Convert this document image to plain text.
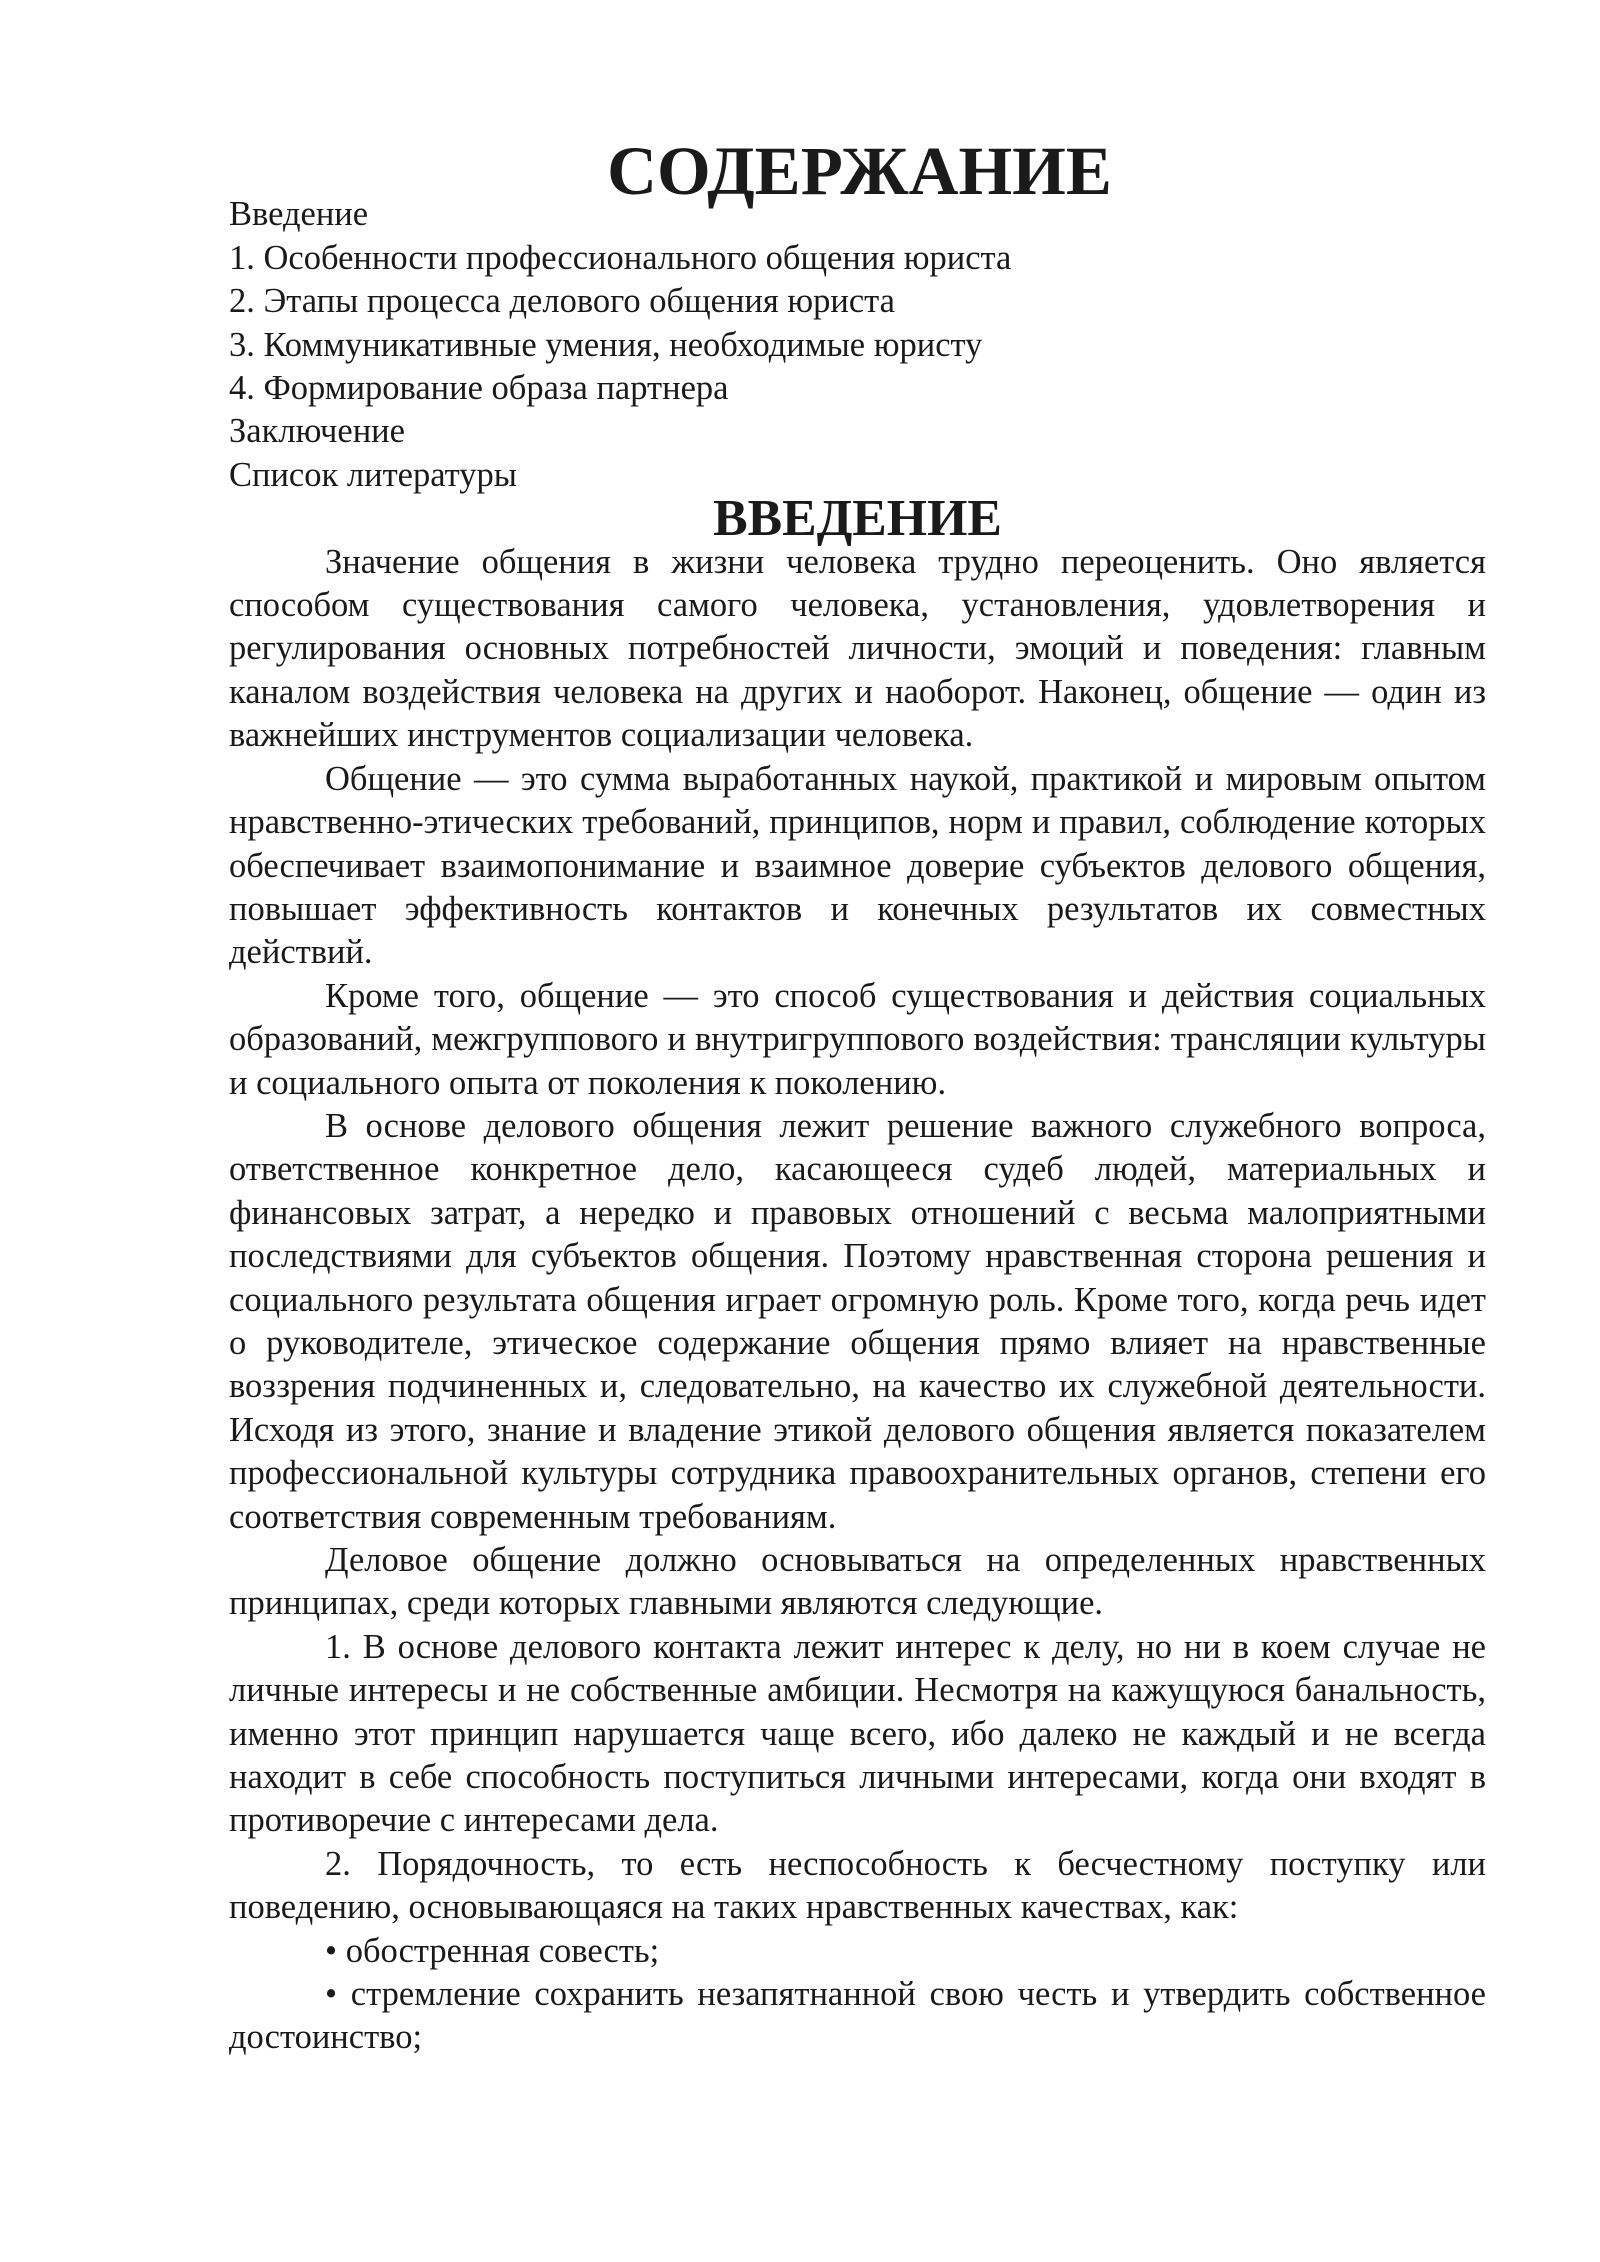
СОДЕРЖАНИЕ
Введение
1. Особенности профессионального общения юриста
2. Этапы процесса делового общения юриста
3. Коммуникативные умения, необходимые юристу
4. Формирование образа партнера
Заключение
Список литературы
ВВЕДЕНИЕ

Значение общения в жизни человека трудно переоценить. Оно является способом существования самого человека, установления, удовлетворения и регулирования основных потребностей личности, эмоций и поведения: главным каналом воздействия человека на других и наоборот. Наконец, общение — один из важнейших инструментов социализации человека.

Общение — это сумма выработанных наукой, практикой и мировым опытом нравственно-этических требований, принципов, норм и правил, соблюдение которых обеспечивает взаимопонимание и взаимное доверие субъектов делового общения, повышает эффективность контактов и конечных результатов их совместных действий.

Кроме того, общение — это способ существования и действия социальных образований, межгруппового и внутригруппового воздействия: трансляции культуры и социального опыта от поколения к поколению.

В основе делового общения лежит решение важного служебного вопроса, ответственное конкретное дело, касающееся судеб людей, материальных и финансовых затрат, а нередко и правовых отношений с весьма малоприятными последствиями для субъектов общения. Поэтому нравственная сторона решения и социального результата общения играет огромную роль. Кроме того, когда речь идет о руководителе, этическое содержание общения прямо влияет на нравственные воззрения подчиненных и, следовательно, на качество их служебной деятельности. Исходя из этого, знание и владение этикой делового общения является показателем профессиональной культуры сотрудника правоохранительных органов, степени его соответствия современным требованиям.

Деловое общение должно основываться на определенных нравственных принципах, среди которых главными являются следующие.

1. В основе делового контакта лежит интерес к делу, но ни в коем случае не личные интересы и не собственные амбиции. Несмотря на кажущуюся банальность, именно этот принцип нарушается чаще всего, ибо далеко не каждый и не всегда находит в себе способность поступиться личными интересами, когда они входят в противоречие с интересами дела.

2. Порядочность, то есть неспособность к бесчестному поступку или поведению, основывающаяся на таких нравственных качествах, как:

• обостренная совесть;

• стремление сохранить незапятнанной свою честь и утвердить собственное достоинство;
